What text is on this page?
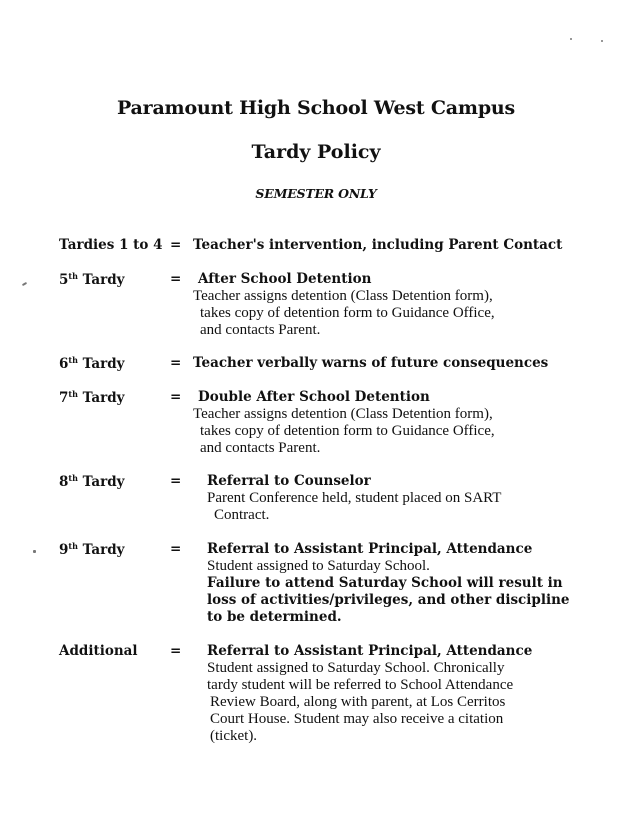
Paramount High School West Campus
Tardy Policy
SEMESTER ONLY
Tardies 1 to 4 = Teacher's intervention, including Parent Contact
5th Tardy	=	After School Detention
Teacher assigns detention (Class Detention form),
takes copy of detention form to Guidance Office,
and contacts Parent.
6th Tardy	= Teacher verbally warns of future consequences
7th Tardy	=	Double After School Detention
Teacher assigns detention (Class Detention form),
takes copy of detention form to Guidance Office,
and contacts Parent.
8th Tardy	= Referral to Counselor
Parent Conference held, student placed on SART
Contract.
9th Tardy	= Referral to Assistant Principal, Attendance
Student assigned to Saturday School.
Failure to attend Saturday School will result in
loss of activities/privileges, and other discipline
to be determined.
Additional = Referral to Assistant Principal, Attendance
Student assigned to Saturday School. Chronically
tardy student will be referred to School Attendance
Review Board, along with parent, at Los Cerritos
Court House. Student may also receive a citation
(ticket).
